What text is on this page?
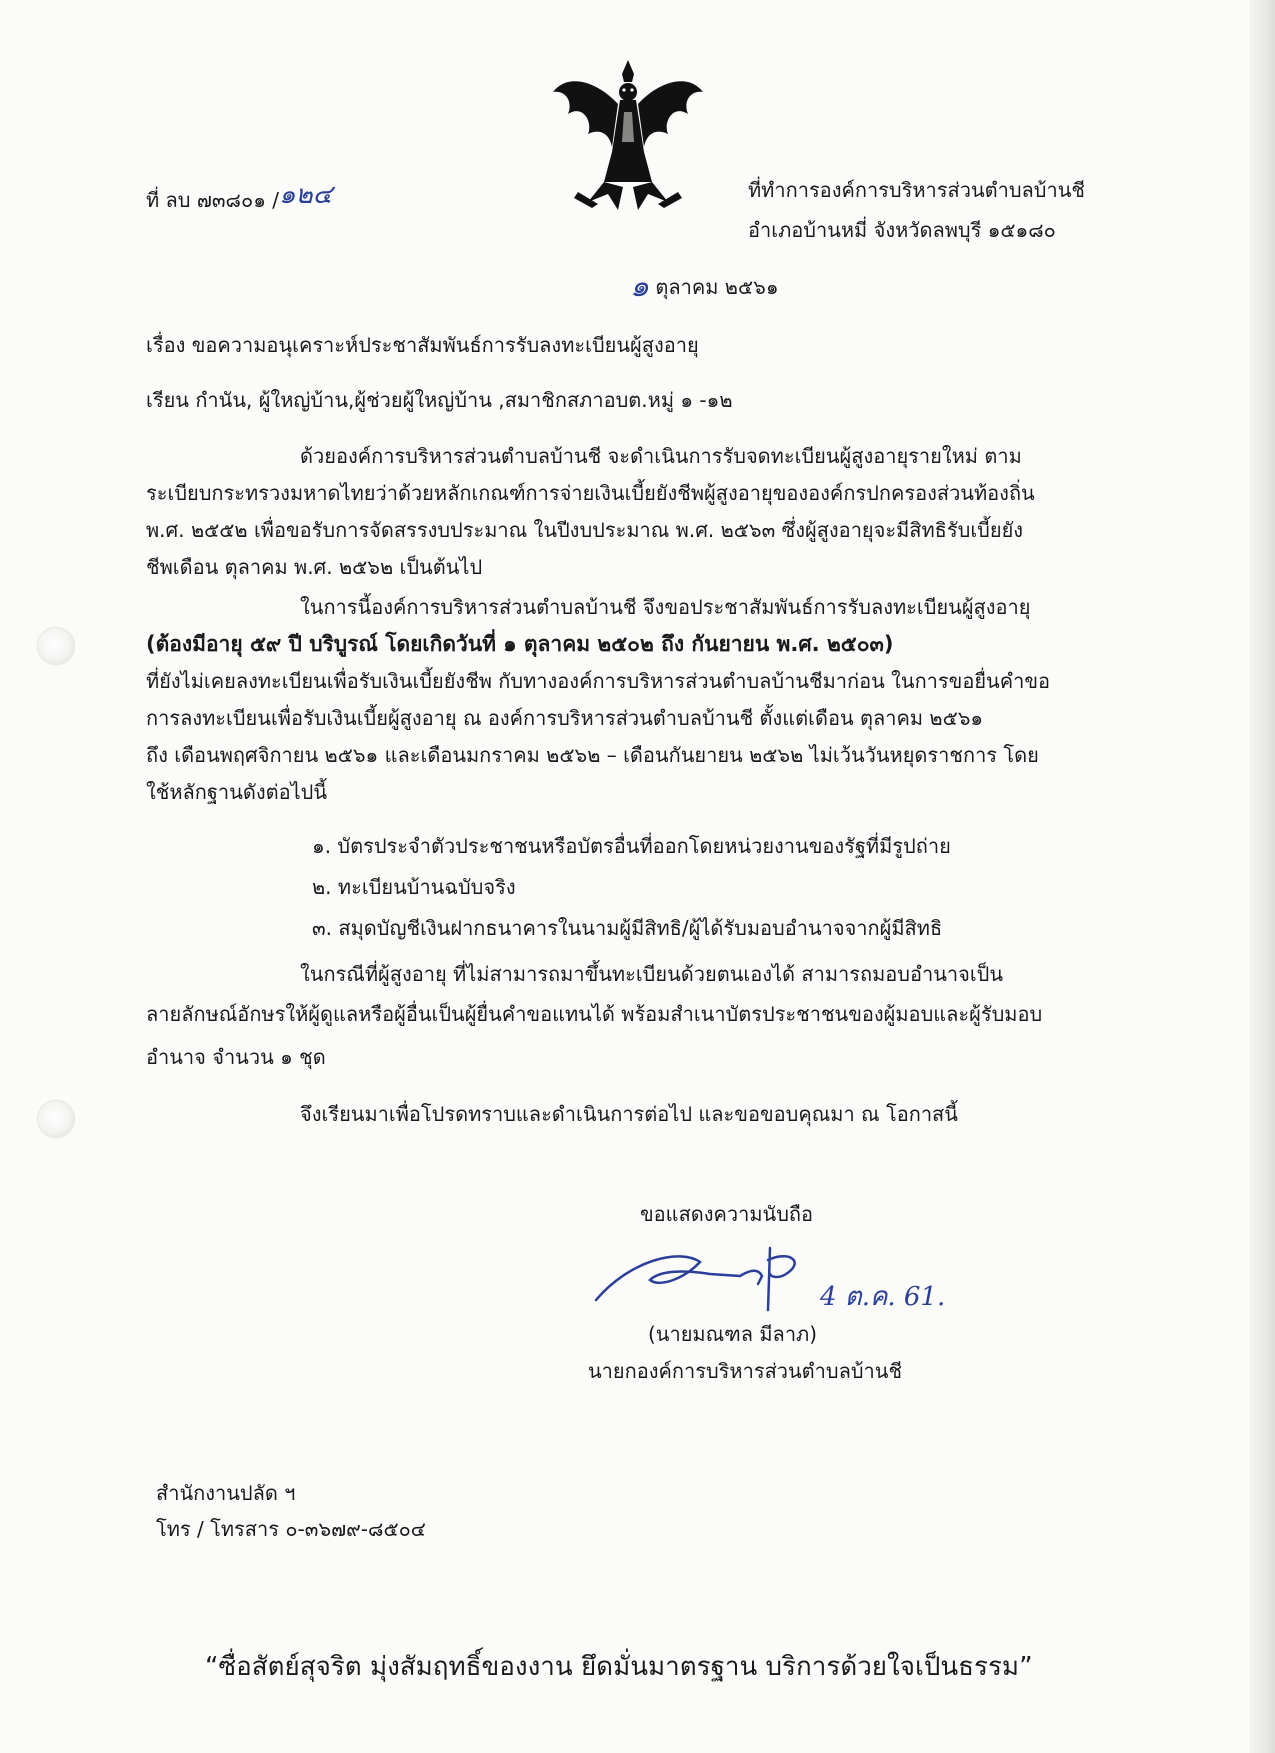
ที่ ลบ ๗๓๘๐๑ /๑๒๔	ที่ทำการองค์การบริหารส่วนตำบลบ้านชี
อำเภอบ้านหมี่ จังหวัดลพบุรี ๑๕๑๘๐
๑ ตุลาคม ๒๕๖๑
เรื่อง ขอความอนุเคราะห์ประชาสัมพันธ์การรับลงทะเบียนผู้สูงอายุ
เรียน กำนัน, ผู้ใหญ่บ้าน,ผู้ช่วยผู้ใหญ่บ้าน ,สมาชิกสภาอบต.หมู่ ๑ -๑๒
ด้วยองค์การบริหารส่วนตำบลบ้านชี จะดำเนินการรับจดทะเบียนผู้สูงอายุรายใหม่ ตาม
ระเบียบกระทรวงมหาดไทยว่าด้วยหลักเกณฑ์การจ่ายเงินเบี้ยยังชีพผู้สูงอายุขององค์กรปกครองส่วนท้องถิ่น
พ.ศ. ๒๕๕๒ เพื่อขอรับการจัดสรรงบประมาณ ในปีงบประมาณ พ.ศ. ๒๕๖๓ ซึ่งผู้สูงอายุจะมีสิทธิรับเบี้ยยัง
ชีพเดือน ตุลาคม พ.ศ. ๒๕๖๒ เป็นต้นไป
ในการนี้องค์การบริหารส่วนตำบลบ้านชี จึงขอประชาสัมพันธ์การรับลงทะเบียนผู้สูงอายุ
(ต้องมีอายุ ๕๙ ปี บริบูรณ์ โดยเกิดวันที่ ๑ ตุลาคม ๒๕๐๒ ถึง กันยายน พ.ศ. ๒๕๐๓)
ที่ยังไม่เคยลงทะเบียนเพื่อรับเงินเบี้ยยังชีพ กับทางองค์การบริหารส่วนตำบลบ้านชีมาก่อน ในการขอยื่นคำขอ
การลงทะเบียนเพื่อรับเงินเบี้ยผู้สูงอายุ ณ องค์การบริหารส่วนตำบลบ้านชี ตั้งแต่เดือน ตุลาคม ๒๕๖๑
ถึง เดือนพฤศจิกายน ๒๕๖๑ และเดือนมกราคม ๒๕๖๒ – เดือนกันยายน ๒๕๖๒ ไม่เว้นวันหยุดราชการ โดย
ใช้หลักฐานดังต่อไปนี้
๑. บัตรประจำตัวประชาชนหรือบัตรอื่นที่ออกโดยหน่วยงานของรัฐที่มีรูปถ่าย
๒. ทะเบียนบ้านฉบับจริง
๓. สมุดบัญชีเงินฝากธนาคารในนามผู้มีสิทธิ/ผู้ได้รับมอบอำนาจจากผู้มีสิทธิ
ในกรณีที่ผู้สูงอายุ ที่ไม่สามารถมาขึ้นทะเบียนด้วยตนเองได้ สามารถมอบอำนาจเป็น
ลายลักษณ์อักษรให้ผู้ดูแลหรือผู้อื่นเป็นผู้ยื่นคำขอแทนได้ พร้อมสำเนาบัตรประชาชนของผู้มอบและผู้รับมอบ
อำนาจ จำนวน ๑ ชุด
จึงเรียนมาเพื่อโปรดทราบและดำเนินการต่อไป และขอขอบคุณมา ณ โอกาสนี้
ขอแสดงความนับถือ
4 ต.ค. 61.
(นายมณฑล มีลาภ)
นายกองค์การบริหารส่วนตำบลบ้านชี
สำนักงานปลัด ฯ
โทร / โทรสาร ๐-๓๖๗๙-๘๕๐๔
“ซื่อสัตย์สุจริต มุ่งสัมฤทธิ์ของงาน ยึดมั่นมาตรฐาน บริการด้วยใจเป็นธรรม”
